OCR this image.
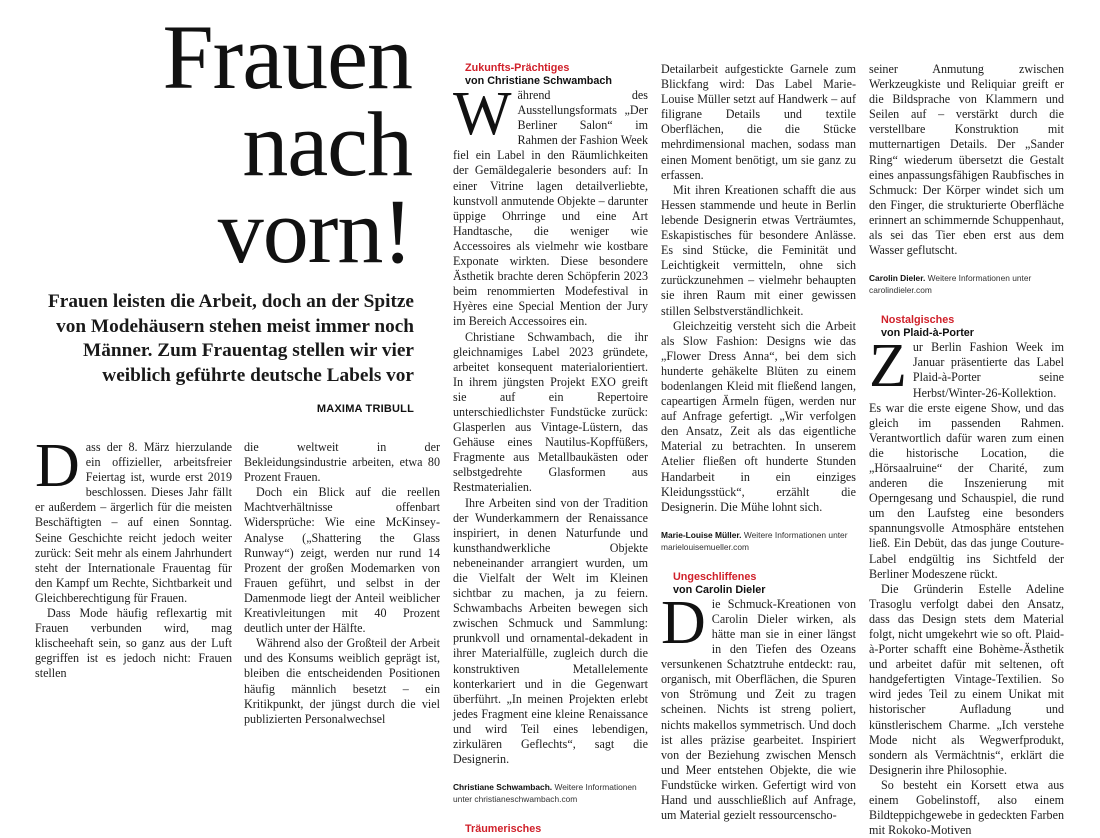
Frauen
nach
vorn!

Frauen leisten die Arbeit, doch an der Spitze von Modehäusern stehen meist immer noch Männer. Zum Frauentag stellen wir vier weiblich geführte deutsche Labels vor

MAXIMA TRIBULL
D ass der 8. März hierzulande ein offizieller, arbeitsfreier Feiertag ist, wurde erst 2019 beschlossen. Dieses Jahr fällt er außerdem – ärgerlich für die meisten Beschäftigten – auf einen Sonntag. Seine Geschichte reicht jedoch weiter zurück: Seit mehr als einem Jahrhundert steht der Internationale Frauentag für den Kampf um Rechte, Sichtbarkeit und Gleichberechtigung für Frauen.

Dass Mode häufig reflexartig mit Frauen verbunden wird, mag klischeehaft sein, so ganz aus der Luft gegriffen ist es jedoch nicht: Frauen stellen

die weltweit in der Bekleidungsindustrie arbeiten, etwa 80 Prozent Frauen.

Doch ein Blick auf die reellen Machtverhältnisse offenbart Widersprüche: Wie eine McKinsey-Analyse („Shattering the Glass Runway“) zeigt, werden nur rund 14 Prozent der großen Modemarken von Frauen geführt, und selbst in der Damenmode liegt der Anteil weiblicher Kreativleitungen mit 40 Prozent deutlich unter der Hälfte.

Während also der Großteil der Arbeit und des Konsums weiblich geprägt ist, bleiben die entscheidenden Positionen häufig männlich besetzt – ein Kritikpunkt, der jüngst durch die viel publizierten Personalwechsel

Zukunfts-Prächtiges

von Christiane Schwambach

W ährend des Ausstellungsformats „Der Berliner Salon“ im Rahmen der Fashion Week fiel ein Label in den Räumlichkeiten der Gemäldegalerie besonders auf: In einer Vitrine lagen detailverliebte, kunstvoll anmutende Objekte – darunter üppige Ohrringe und eine Art Handtasche, die weniger wie Accessoires als vielmehr wie kostbare Exponate wirkten. Diese besondere Ästhetik brachte deren Schöpferin 2023 beim renommierten Modefestival in Hyères eine Special Mention der Jury im Bereich Accessoires ein.

Christiane Schwambach, die ihr gleichnamiges Label 2023 gründete, arbeitet konsequent materialorientiert. In ihrem jüngsten Projekt EXO greift sie auf ein Repertoire unterschiedlichster Fundstücke zurück: Glasperlen aus Vintage-Lüstern, das Gehäuse eines Nautilus-Kopffüßers, Fragmente aus Metallbaukästen oder selbstgedrehte Glasformen aus Restmaterialien.

Ihre Arbeiten sind von der Tradition der Wunderkammern der Renaissance inspiriert, in denen Naturfunde und kunsthandwerkliche Objekte nebeneinander arrangiert wurden, um die Vielfalt der Welt im Kleinen sichtbar zu machen, ja zu feiern. Schwambachs Arbeiten bewegen sich zwischen Schmuck und Sammlung: prunkvoll und ornamental-dekadent in ihrer Materialfülle, zugleich durch die konstruktiven Metallelemente konterkariert und in die Gegenwart überführt. „In meinen Projekten erlebt jedes Fragment eine kleine Renaissance und wird Teil eines lebendigen, zirkulären Geflechts“, sagt die Designerin.

Christiane Schwambach. Weitere Informationen unter christianeschwambach.com

Träumerisches

Detailarbeit aufgestickte Garnele zum Blickfang wird: Das Label Marie-Louise Müller setzt auf Handwerk – auf filigrane Details und textile Oberflächen, die die Stücke mehrdimensional machen, sodass man einen Moment benötigt, um sie ganz zu erfassen.

Mit ihren Kreationen schafft die aus Hessen stammende und heute in Berlin lebende Designerin etwas Verträumtes, Eskapistisches für besondere Anlässe. Es sind Stücke, die Feminität und Leichtigkeit vermitteln, ohne sich zurückzunehmen – vielmehr behaupten sie ihren Raum mit einer gewissen stillen Selbstverständlichkeit.

Gleichzeitig versteht sich die Arbeit als Slow Fashion: Designs wie das „Flower Dress Anna“, bei dem sich hunderte gehäkelte Blüten zu einem bodenlangen Kleid mit fließend langen, capeartigen Ärmeln fügen, werden nur auf Anfrage gefertigt. „Wir verfolgen den Ansatz, Zeit als das eigentliche Material zu betrachten. In unserem Atelier fließen oft hunderte Stunden Handarbeit in ein einziges Kleidungsstück“, erzählt die Designerin. Die Mühe lohnt sich.

Marie-Louise Müller. Weitere Informationen unter marielouisemueller.com

Ungeschliffenes

von Carolin Dieler

D ie Schmuck-Kreationen von Carolin Dieler wirken, als hätte man sie in einer längst in den Tiefen des Ozeans versunkenen Schatztruhe entdeckt: rau, organisch, mit Oberflächen, die Spuren von Strömung und Zeit zu tragen scheinen. Nichts ist streng poliert, nichts makellos symmetrisch. Und doch ist alles präzise gearbeitet. Inspiriert von der Beziehung zwischen Mensch und Meer entstehen Objekte, die wie Fundstücke wirken. Gefertigt wird von Hand und ausschließlich auf Anfrage, um Material gezielt ressourcenscho-

seiner Anmutung zwischen Werkzeugkiste und Reliquiar greift er die Bildsprache von Klammern und Seilen auf – verstärkt durch die verstellbare Konstruktion mit mutternartigen Details. Der „Sander Ring“ wiederum übersetzt die Gestalt eines anpassungsfähigen Raubfisches in Schmuck: Der Körper windet sich um den Finger, die strukturierte Oberfläche erinnert an schimmernde Schuppenhaut, als sei das Tier eben erst aus dem Wasser geflutscht.

Carolin Dieler. Weitere Informationen unter carolindieler.com

Nostalgisches

von Plaid-à-Porter

Z ur Berlin Fashion Week im Januar präsentierte das Label Plaid-à-Porter seine Herbst/Winter-26-Kollektion. Es war die erste eigene Show, und das gleich im passenden Rahmen. Verantwortlich dafür waren zum einen die historische Location, die „Hörsaalruine“ der Charité, zum anderen die Inszenierung mit Operngesang und Schauspiel, die rund um den Laufsteg eine besonders spannungsvolle Atmosphäre entstehen ließ. Ein Debüt, das das junge Couture-Label endgültig ins Sichtfeld der Berliner Modeszene rückt.

Die Gründerin Estelle Adeline Trasoglu verfolgt dabei den Ansatz, dass das Design stets dem Material folgt, nicht umgekehrt wie so oft. Plaid-à-Porter schafft eine Bohème-Ästhetik und arbeitet dafür mit seltenen, oft handgefertigten Vintage-Textilien. So wird jedes Teil zu einem Unikat mit historischer Aufladung und künstlerischem Charme. „Ich verstehe Mode nicht als Wegwerfprodukt, sondern als Vermächtnis“, erklärt die Designerin ihre Philosophie.

So besteht ein Korsett etwa aus einem Gobelinstoff, also einem Bildteppichgewebe in gedeckten Farben mit Rokoko-Motiven
